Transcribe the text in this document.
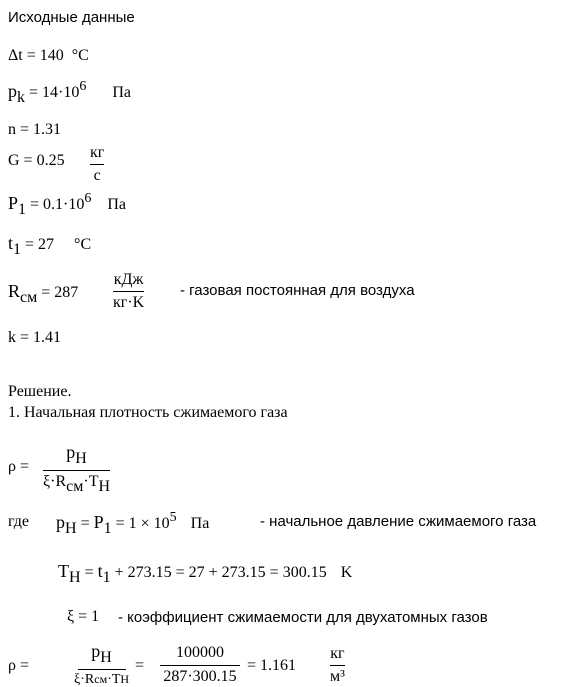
Исходные данные
Δt = 140 °C
pk = 14·106 Па
n = 1.31
G = 0.25 кг
с
P1 = 0.1·106 Па
t1 = 27 °C
Rсм = 287
кДж
кг·K
- газовая постоянная для воздуха
k = 1.41
Решение.
1. Начальная плотность сжимаемого газа
ρ =
pH
ξ·Rсм·TH
где pH = P1 = 1 × 105 Па	- начальное давление сжимаемого газа
TH = t1 + 273.15 = 27 + 273.15 = 300.15 K
ξ = 1 - коэффициент сжимаемости для двухатомных газов
ρ =
pH
ξ·Rсм·TH
=
100000
287·300.15
= 1.161
кг
м³
